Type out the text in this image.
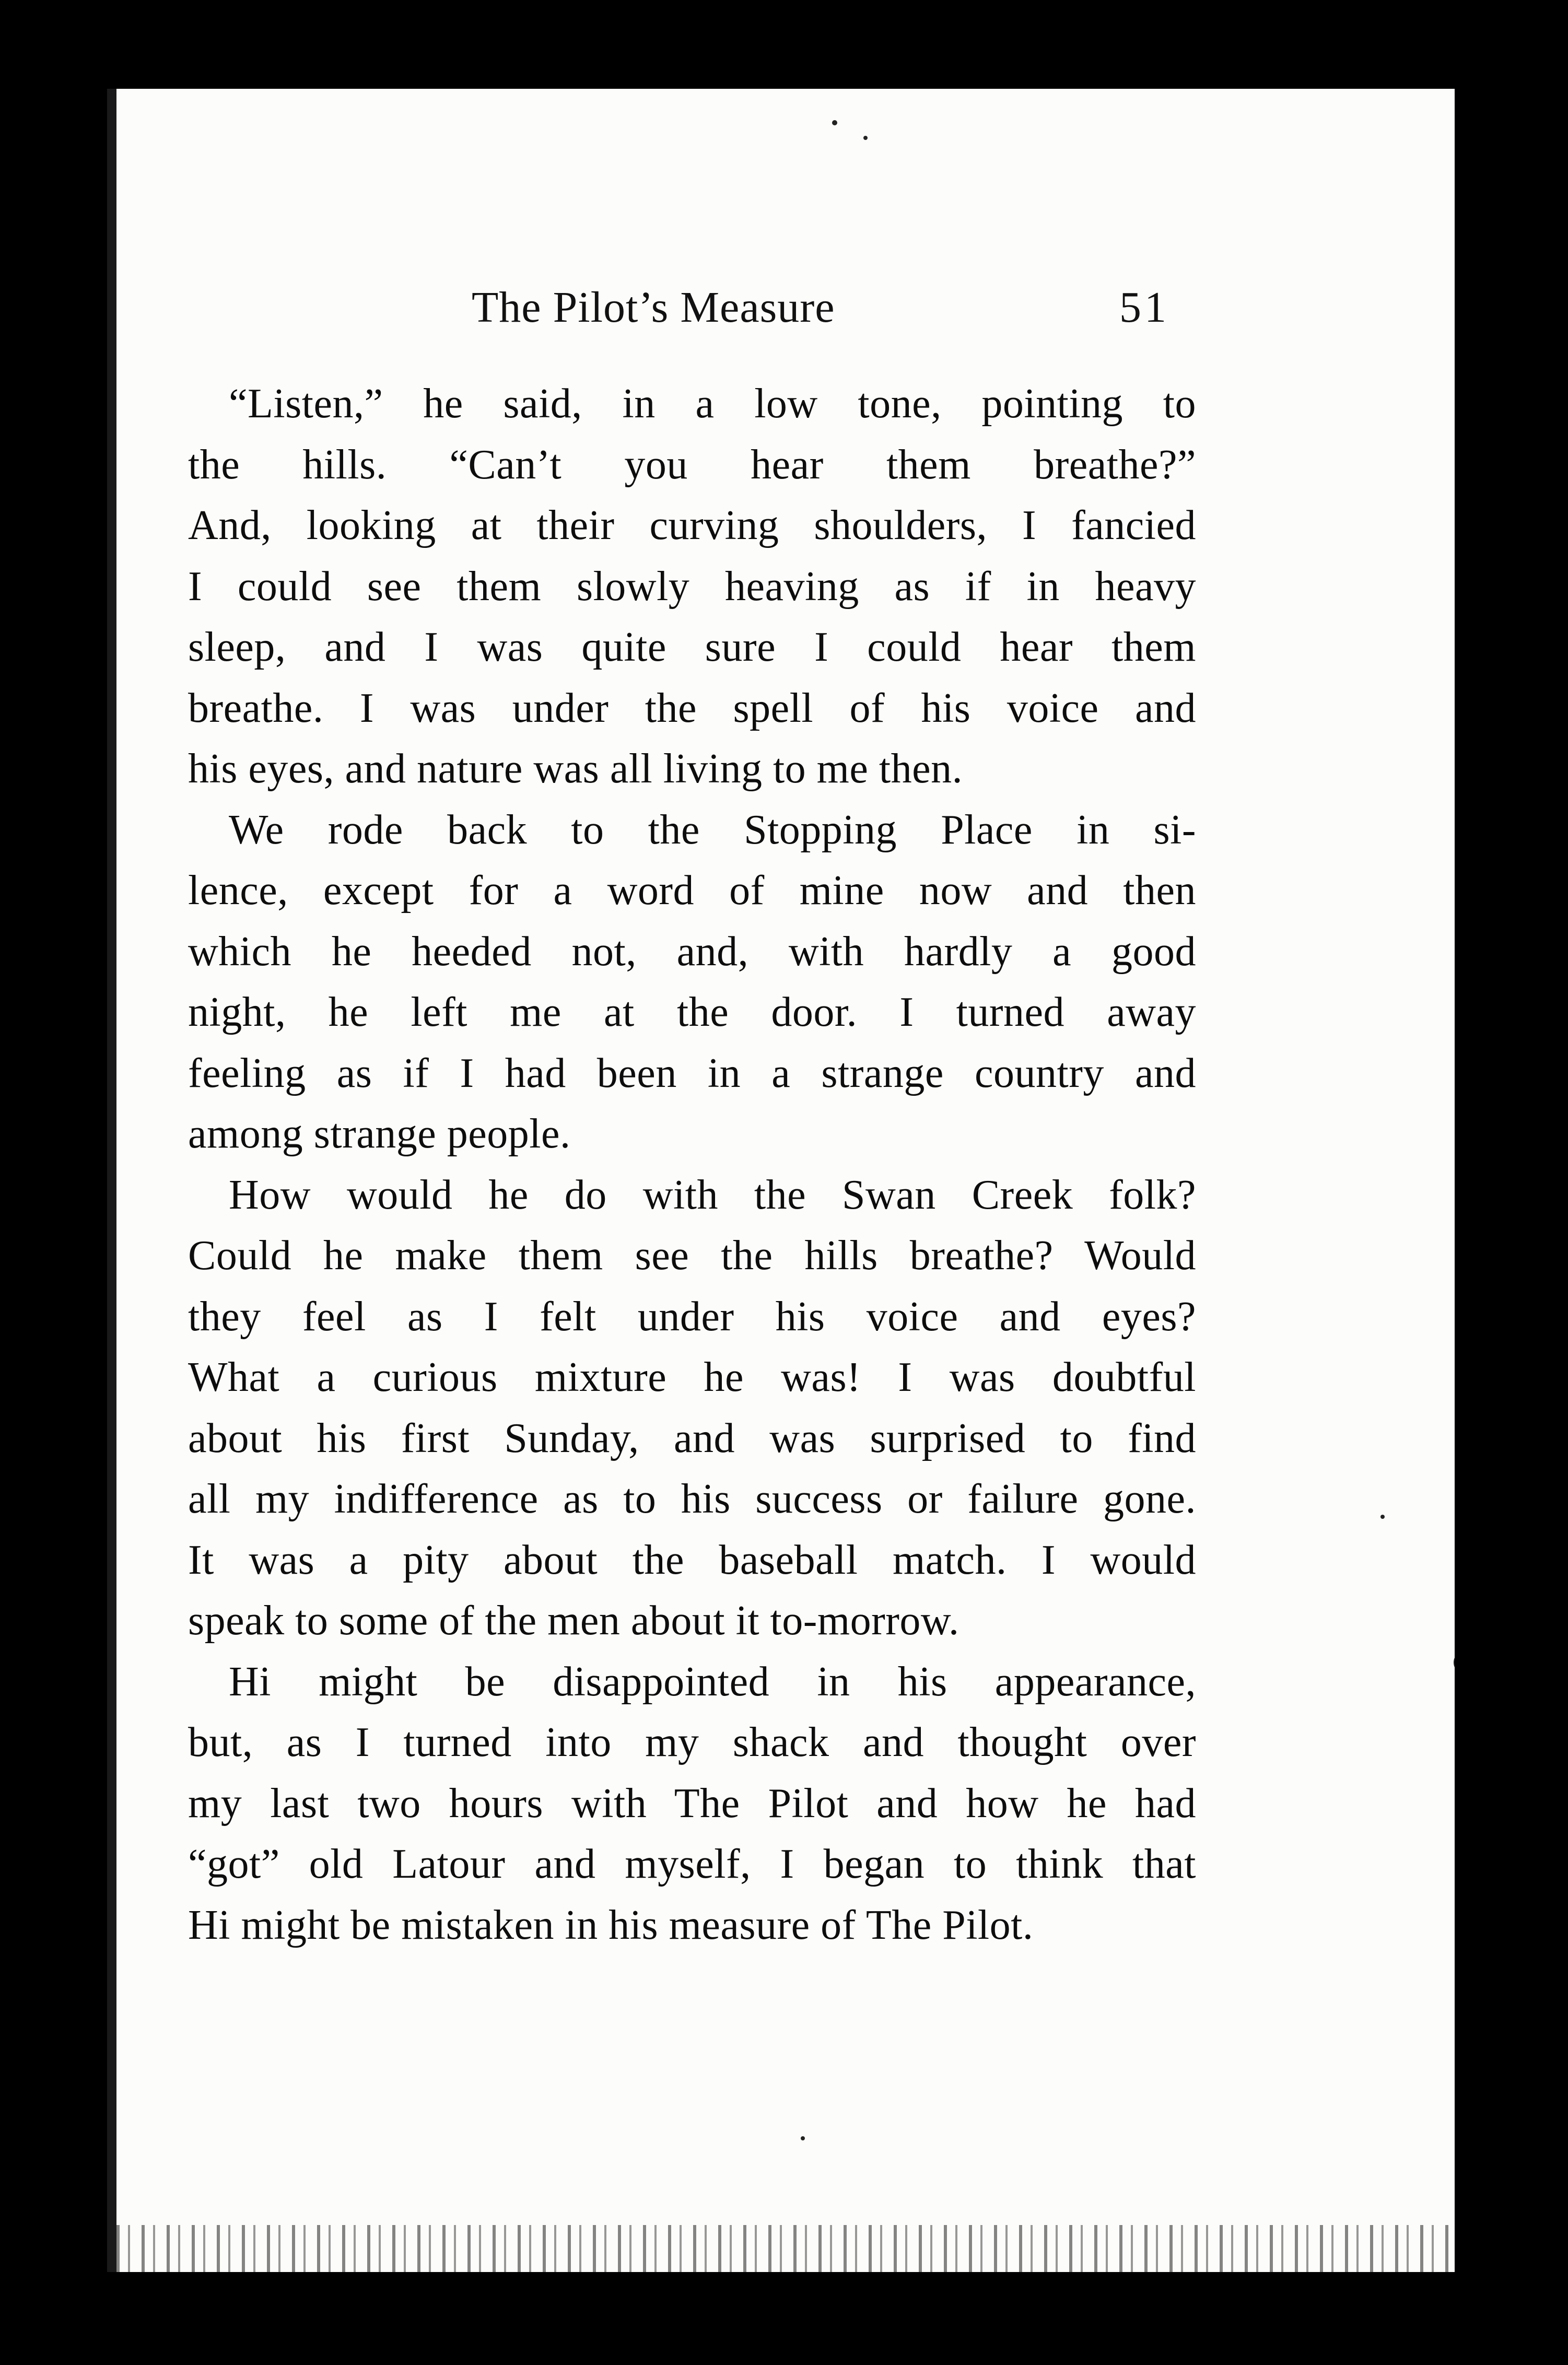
The Pilot’s Measure	51
“Listen,” he said, in a low tone, pointing to
the hills. “Can’t you hear them breathe?”
And, looking at their curving shoulders, I fancied
I could see them slowly heaving as if in heavy
sleep, and I was quite sure I could hear them
breathe. I was under the spell of his voice and
his eyes, and nature was all living to me then.
We rode back to the Stopping Place in si-
lence, except for a word of mine now and then
which he heeded not, and, with hardly a good
night, he left me at the door. I turned away
feeling as if I had been in a strange country and
among strange people.
How would he do with the Swan Creek folk?
Could he make them see the hills breathe? Would
they feel as I felt under his voice and eyes?
What a curious mixture he was! I was doubtful
about his first Sunday, and was surprised to find
all my indifference as to his success or failure gone.
It was a pity about the baseball match. I would
speak to some of the men about it to-morrow.
Hi might be disappointed in his appearance,
but, as I turned into my shack and thought over
my last two hours with The Pilot and how he had
“got” old Latour and myself, I began to think that
Hi might be mistaken in his measure of The Pilot.
